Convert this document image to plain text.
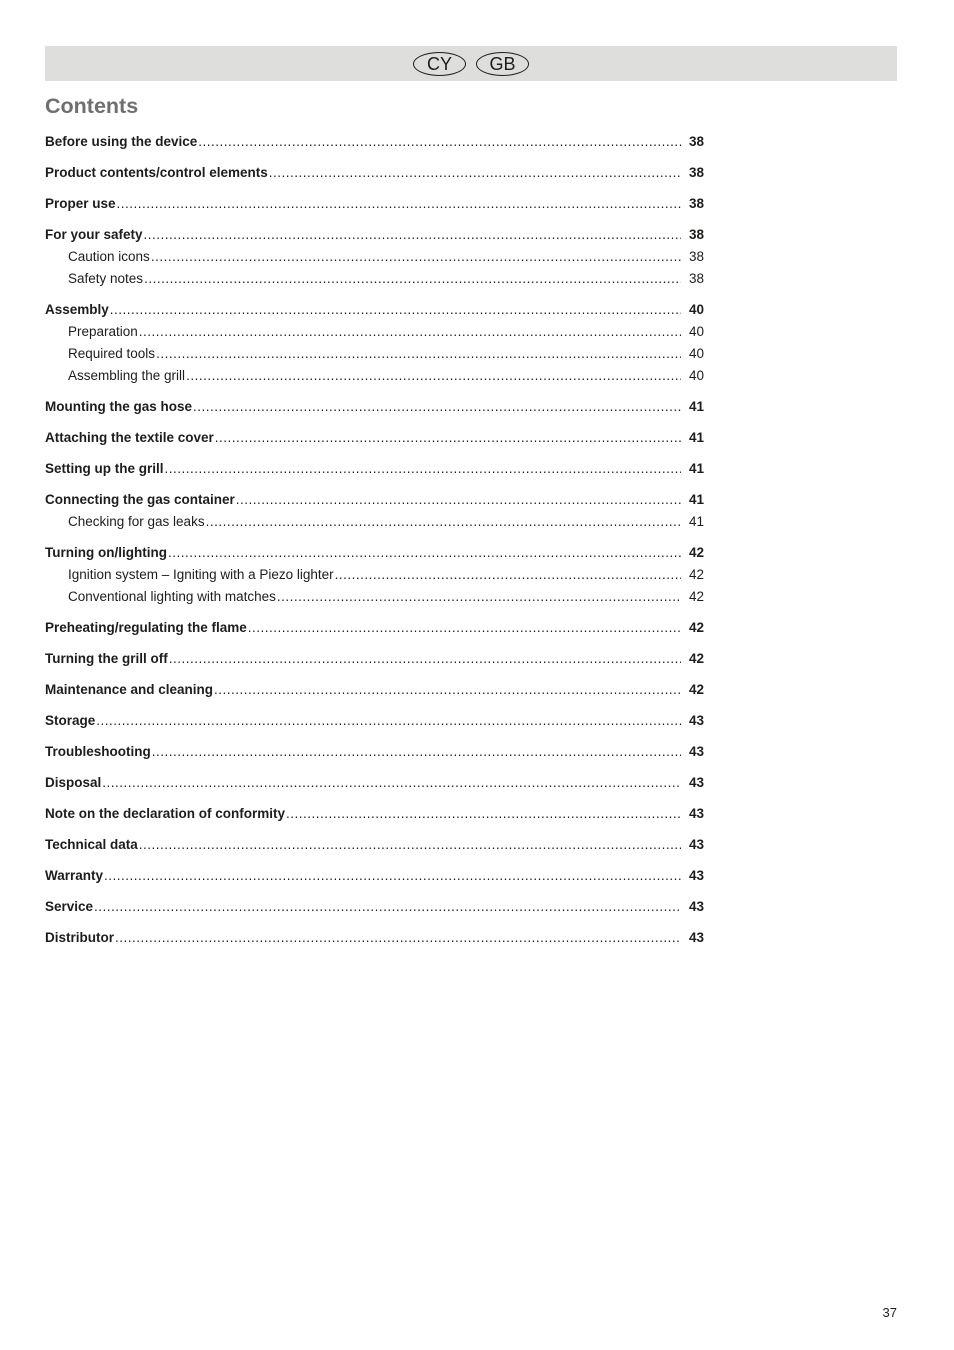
CY GB
Contents
Before using the device .....	38
Product contents/control elements .....	38
Proper use .....	38
For your safety .....	38
Caution icons .....	38
Safety notes .....	38
Assembly .....	40
Preparation .....	40
Required tools .....	40
Assembling the grill .....	40
Mounting the gas hose .....	41
Attaching the textile cover .....	41
Setting up the grill .....	41
Connecting the gas container .....	41
Checking for gas leaks .....	41
Turning on/lighting .....	42
Ignition system – Igniting with a Piezo lighter .....	42
Conventional lighting with matches .....	42
Preheating/regulating the flame .....	42
Turning the grill off .....	42
Maintenance and cleaning .....	42
Storage .....	43
Troubleshooting .....	43
Disposal .....	43
Note on the declaration of conformity .....	43
Technical data .....	43
Warranty .....	43
Service .....	43
Distributor .....	43
37
